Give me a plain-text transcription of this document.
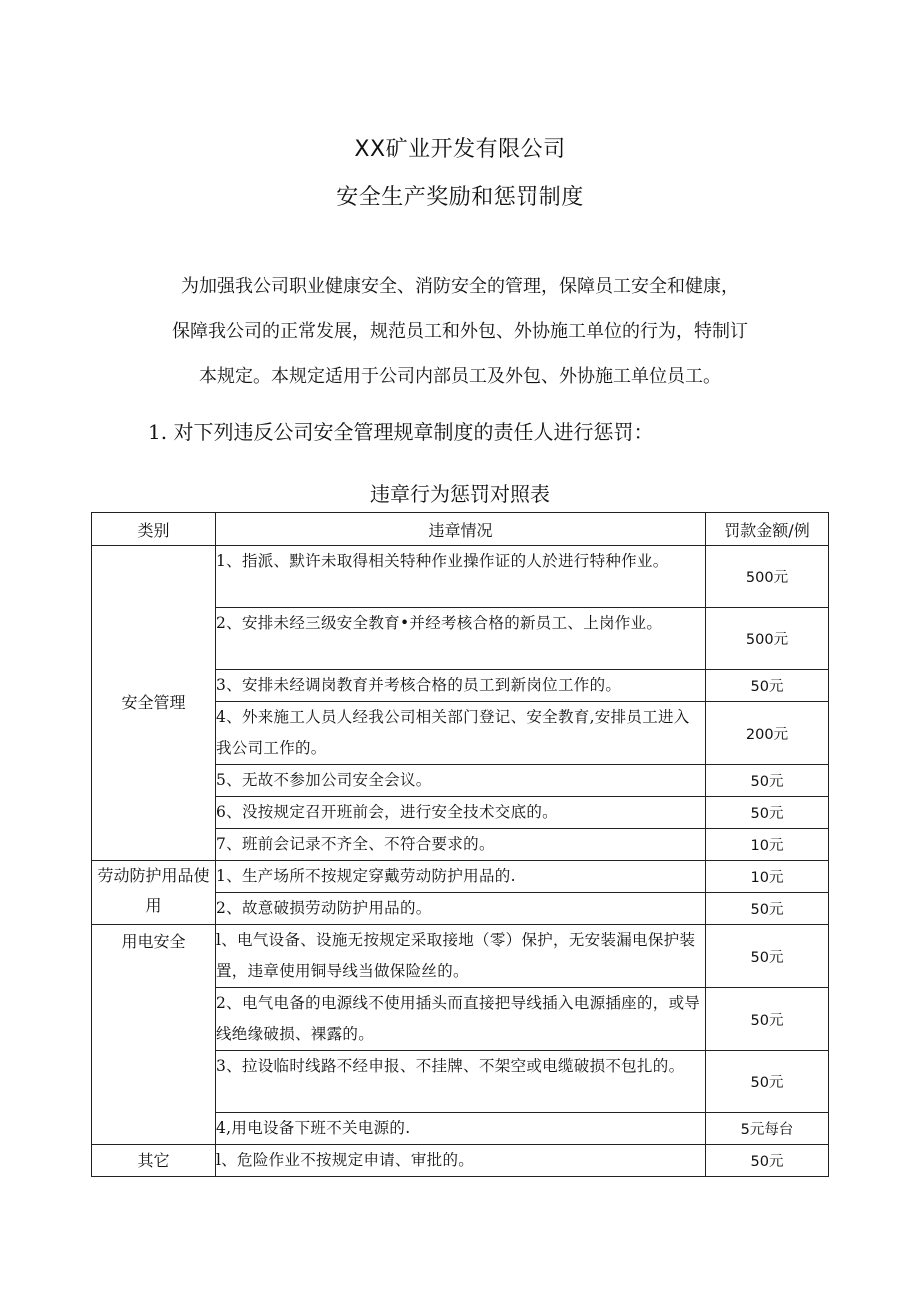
XX矿业开发有限公司
安全生产奖励和惩罚制度

为加强我公司职业健康安全、消防安全的管理，保障员工安全和健康，

保障我公司的正常发展，规范员工和外包、外协施工单位的行为，特制订

本规定。本规定适用于公司内部员工及外包、外协施工单位员工。

1. 对下列违反公司安全管理规章制度的责任人进行惩罚：
违章行为惩罚对照表
类别	违章情况	罚款金额/例
安全管理	1、指派、默许未取得相关特种作业操作证的人於进行特种作业。	500元
	2、安排未经三级安全教育•并经考核合格的新员工、上岗作业。	500元
	3、安排未经调岗教育并考核合格的员工到新岗位工作的。	50元
	4、外来施工人员人经我公司相关部门登记、安全教育,安排员工进入我公司工作的。	200元
	5、无故不参加公司安全会议。	50元
	6、没按规定召开班前会，进行安全技术交底的。	50元
	7、班前会记录不齐全、不符合要求的。	10元
劳动防护用品使用	1、生产场所不按规定穿戴劳动防护用品的.	10元
	2、故意破损劳动防护用品的。	50元
用电安全	l、电气设备、设施无按规定采取接地（零）保护，无安装漏电保护装置，违章使用铜导线当做保险丝的。	50元
	2、电气电备的电源线不使用插头而直接把导线插入电源插座的，或导线绝缘破损、裸露的。	50元
	3、拉设临时线路不经申报、不挂牌、不架空或电缆破损不包扎的。	50元
	4,用电设备下班不关电源的.	5元每台
其它	l、危险作业不按规定申请、审批的。	50元
